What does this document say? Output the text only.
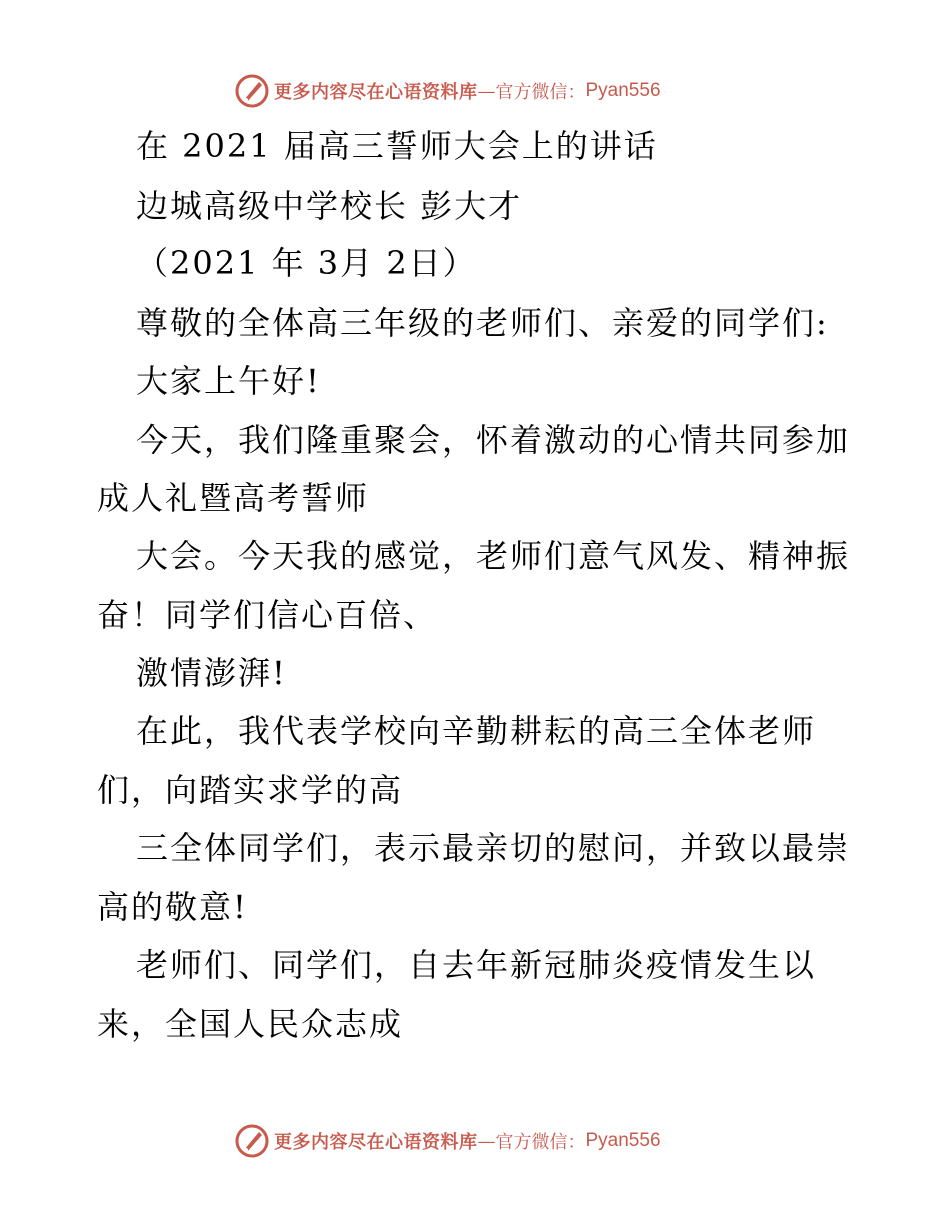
更多内容尽在心语资料库 — 官方微信： Pyan556
在 2021 届高三誓师大会上的讲话
边城高级中学校长 彭大才
（2021 年 3月 2日）
尊敬的全体高三年级的老师们、亲爱的同学们:
大家上午好!
今天，我们隆重聚会，怀着激动的心情共同参加
成人礼暨高考誓师
大会。今天我的感觉，老师们意气风发、精神振
奋！同学们信心百倍、
激情澎湃!
在此，我代表学校向辛勤耕耘的高三全体老师
们，向踏实求学的高
三全体同学们，表示最亲切的慰问，并致以最崇
高的敬意!
老师们、同学们，自去年新冠肺炎疫情发生以
来，全国人民众志成
更多内容尽在心语资料库 — 官方微信： Pyan556
